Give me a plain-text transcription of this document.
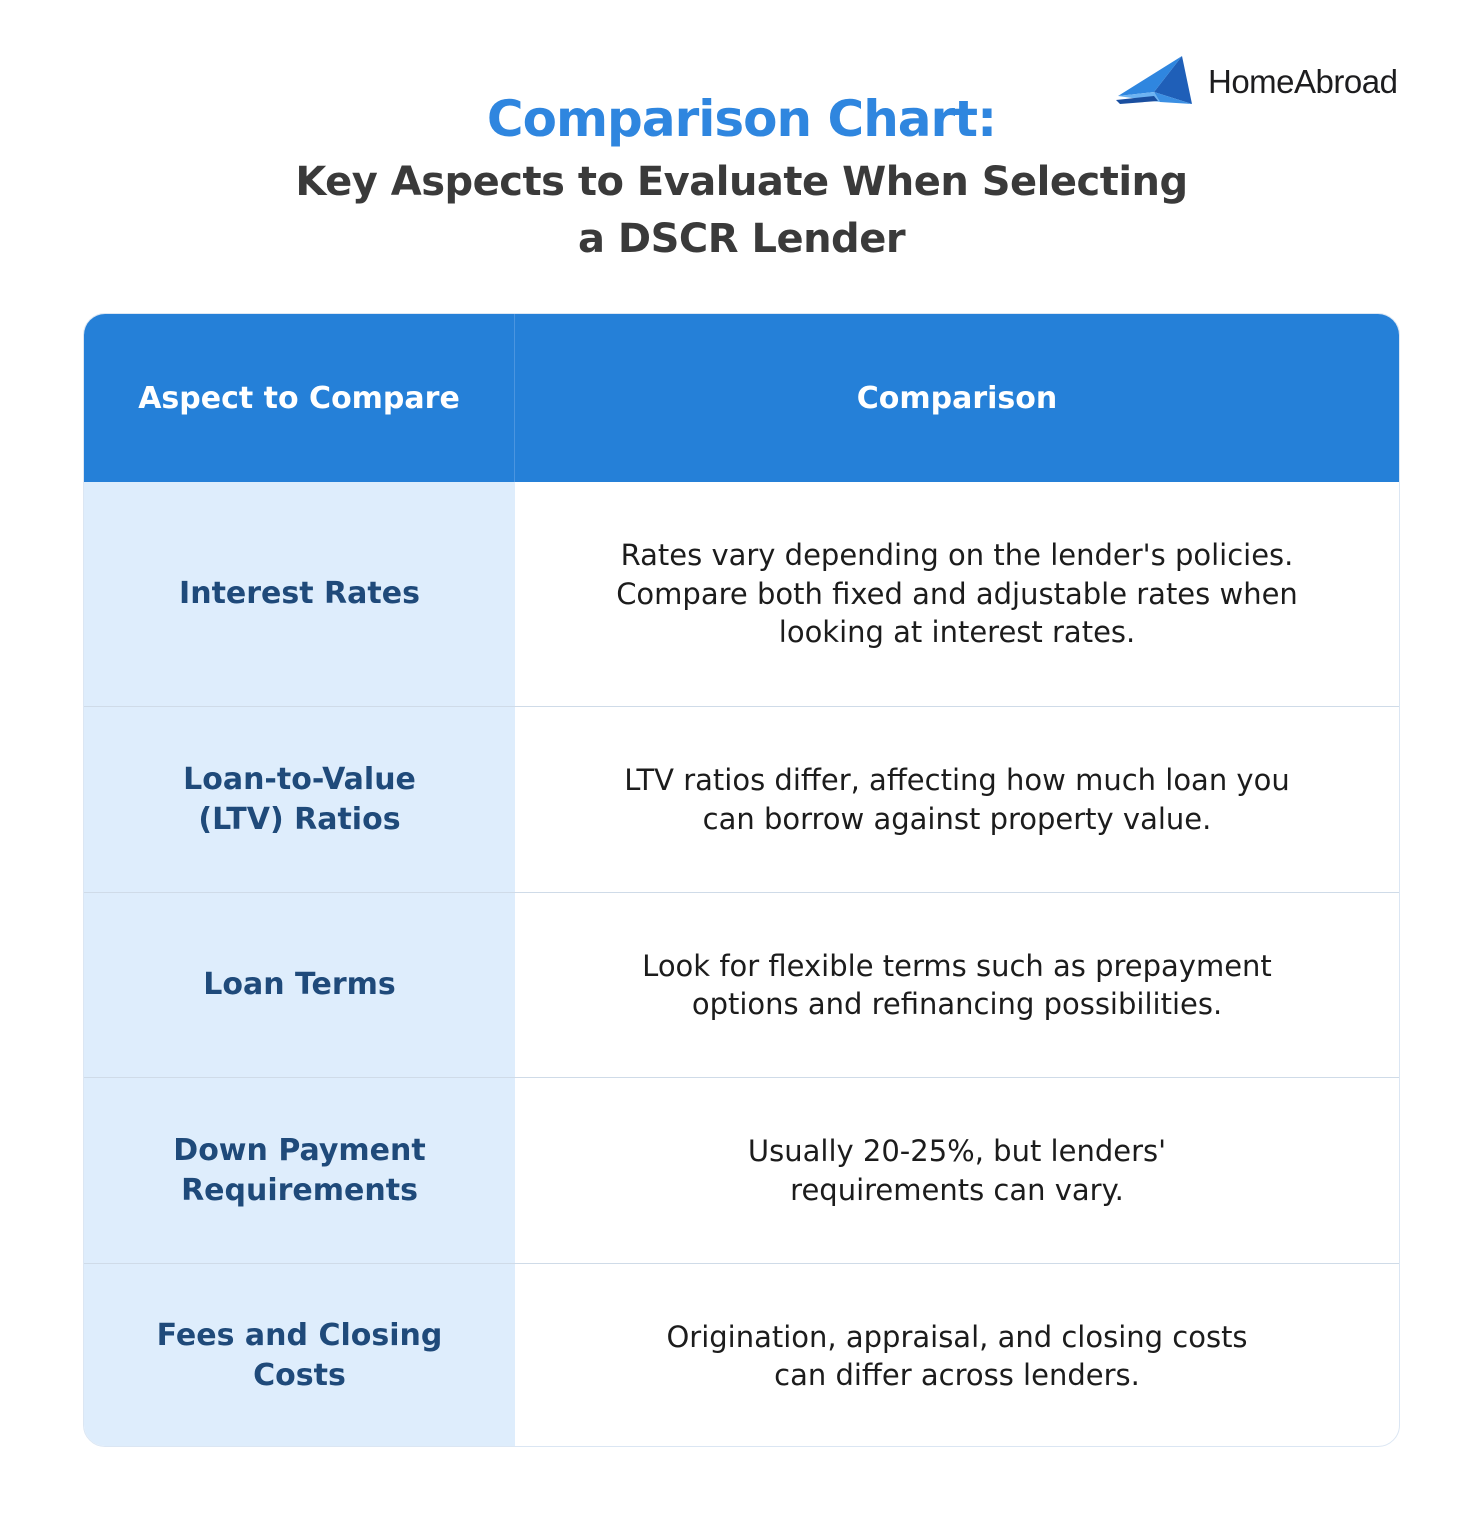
HomeAbroad
Comparison Chart:
Key Aspects to Evaluate When Selecting
a DSCR Lender
Aspect to Compare	Comparison
Interest Rates
Rates vary depending on the lender's policies. Compare both fixed and adjustable rates when looking at interest rates.
Loan-to-Value (LTV) Ratios
LTV ratios differ, affecting how much loan you can borrow against property value.
Loan Terms
Look for flexible terms such as prepayment options and refinancing possibilities.
Down Payment Requirements
Usually 20-25%, but lenders' requirements can vary.
Fees and Closing Costs
Origination, appraisal, and closing costs can differ across lenders.
